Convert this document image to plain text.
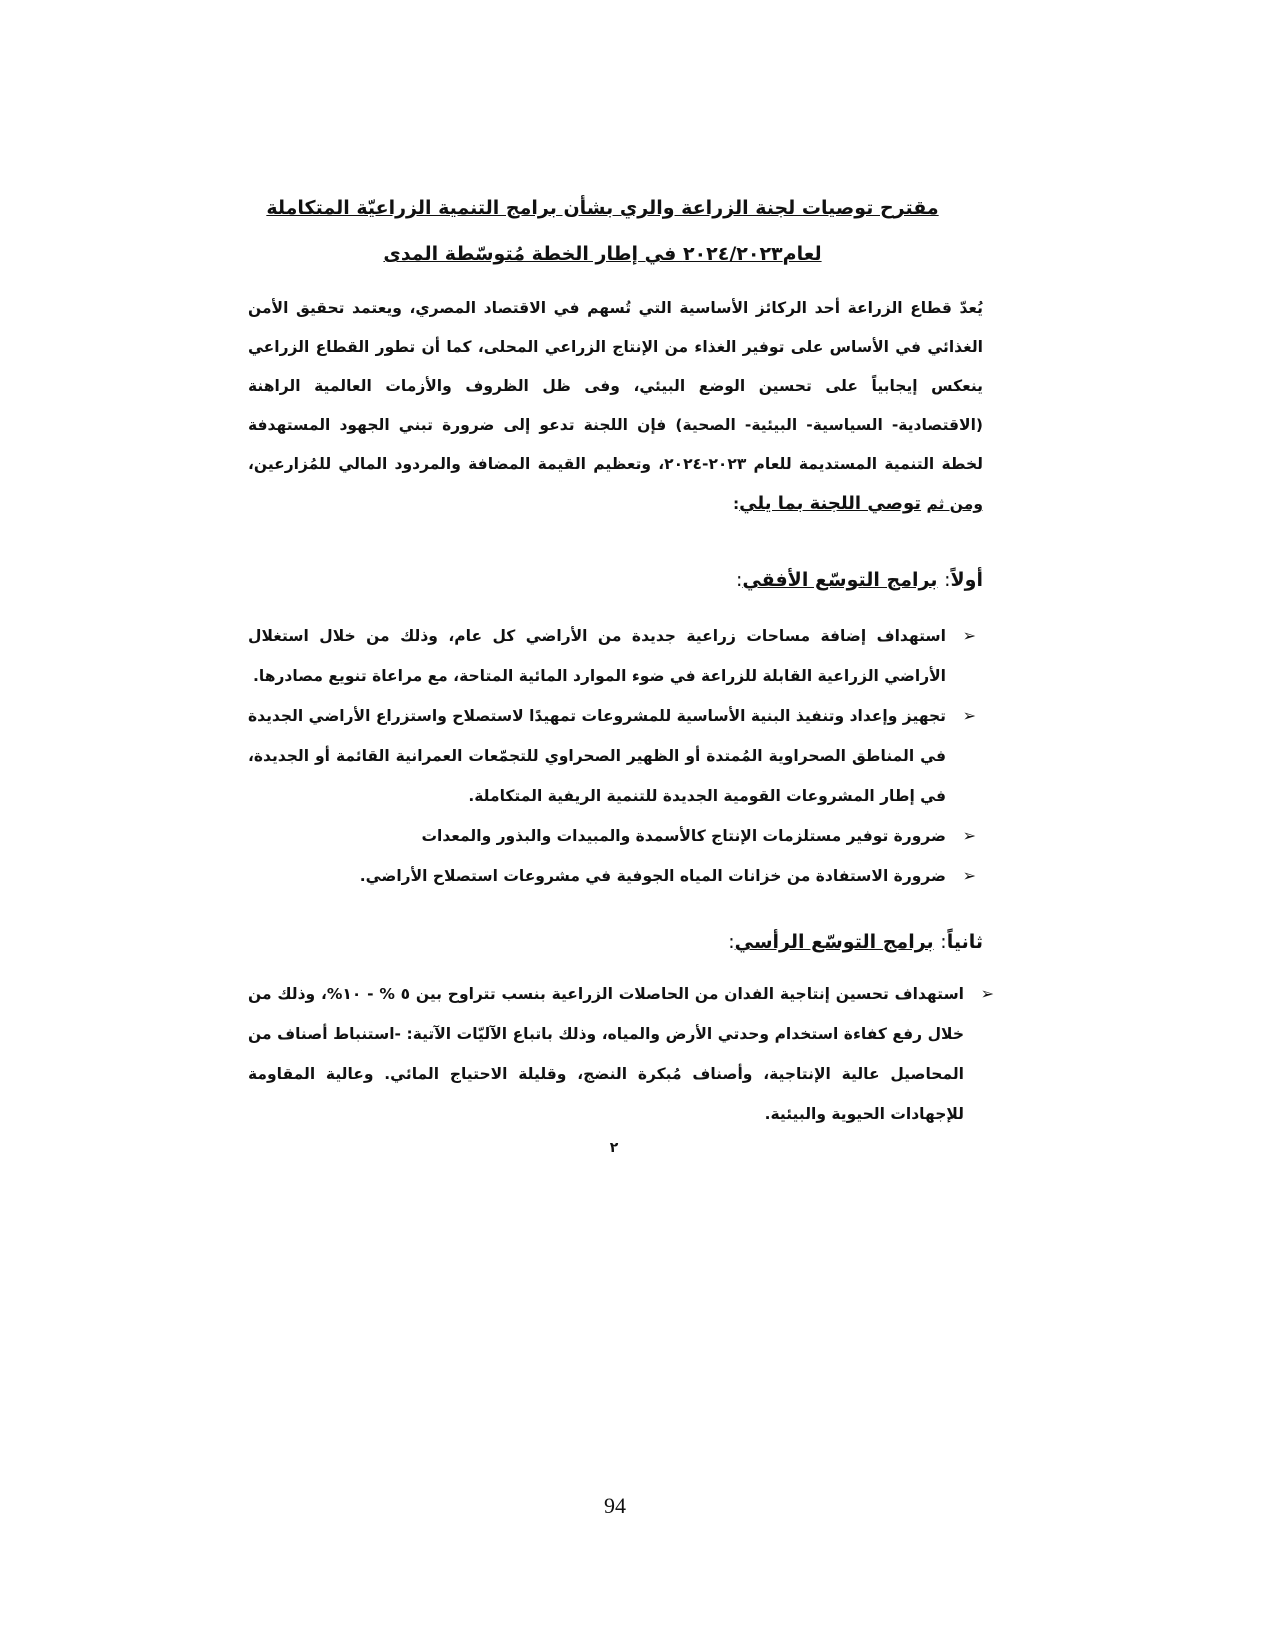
مقترح توصيات لجنة الزراعة والري بشأن برامج التنمية الزراعيّة المتكاملة
لعام٢٠٢٤/٢٠٢٣ في إطار الخطة مُتوسّطة المدى
يُعدّ قطاع الزراعة أحد الركائز الأساسية التي تُسهم في الاقتصاد المصري، ويعتمد تحقيق الأمن الغذائي في الأساس على توفير الغذاء من الإنتاج الزراعي المحلى، كما أن تطور القطاع الزراعي ينعكس إيجابياً على تحسين الوضع البيئي، وفى ظل الظروف والأزمات العالمية الراهنة (الاقتصادية- السياسية- البيئية- الصحية) فإن اللجنة تدعو إلى ضرورة تبني الجهود المستهدفة لخطة التنمية المستديمة للعام ٢٠٢٣-٢٠٢٤، وتعظيم القيمة المضافة والمردود المالي للمُزارعين، ومن ثم توصي اللجنة بما يلي:
أولاً: برامج التوسّع الأفقي:
➢
استهداف إضافة مساحات زراعية جديدة من الأراضي كل عام، وذلك من خلال استغلال الأراضي الزراعية القابلة للزراعة في ضوء الموارد المائية المتاحة، مع مراعاة تنويع مصادرها.
➢
تجهيز وإعداد وتنفيذ البنية الأساسية للمشروعات تمهيدًا لاستصلاح واستزراع الأراضي الجديدة في المناطق الصحراوية المُمتدة أو الظهير الصحراوي للتجمّعات العمرانية القائمة أو الجديدة، في إطار المشروعات القومية الجديدة للتنمية الريفية المتكاملة.
➢
ضرورة توفير مستلزمات الإنتاج كالأسمدة والمبيدات والبذور والمعدات
➢
ضرورة الاستفادة من خزانات المياه الجوفية في مشروعات استصلاح الأراضي.
ثانياً: برامج التوسّع الرأسي:
➢
استهداف تحسين إنتاجية الفدان من الحاصلات الزراعية بنسب تتراوح بين ٥ % - ١٠%، وذلك من خلال رفع كفاءة استخدام وحدتي الأرض والمياه، وذلك باتباع الآليّات الآتية: -استنباط أصناف من المحاصيل عالية الإنتاجية، وأصناف مُبكرة النضج، وقليلة الاحتياج المائي. وعالية المقاومة للإجهادات الحيوية والبيئية.
٢
94
